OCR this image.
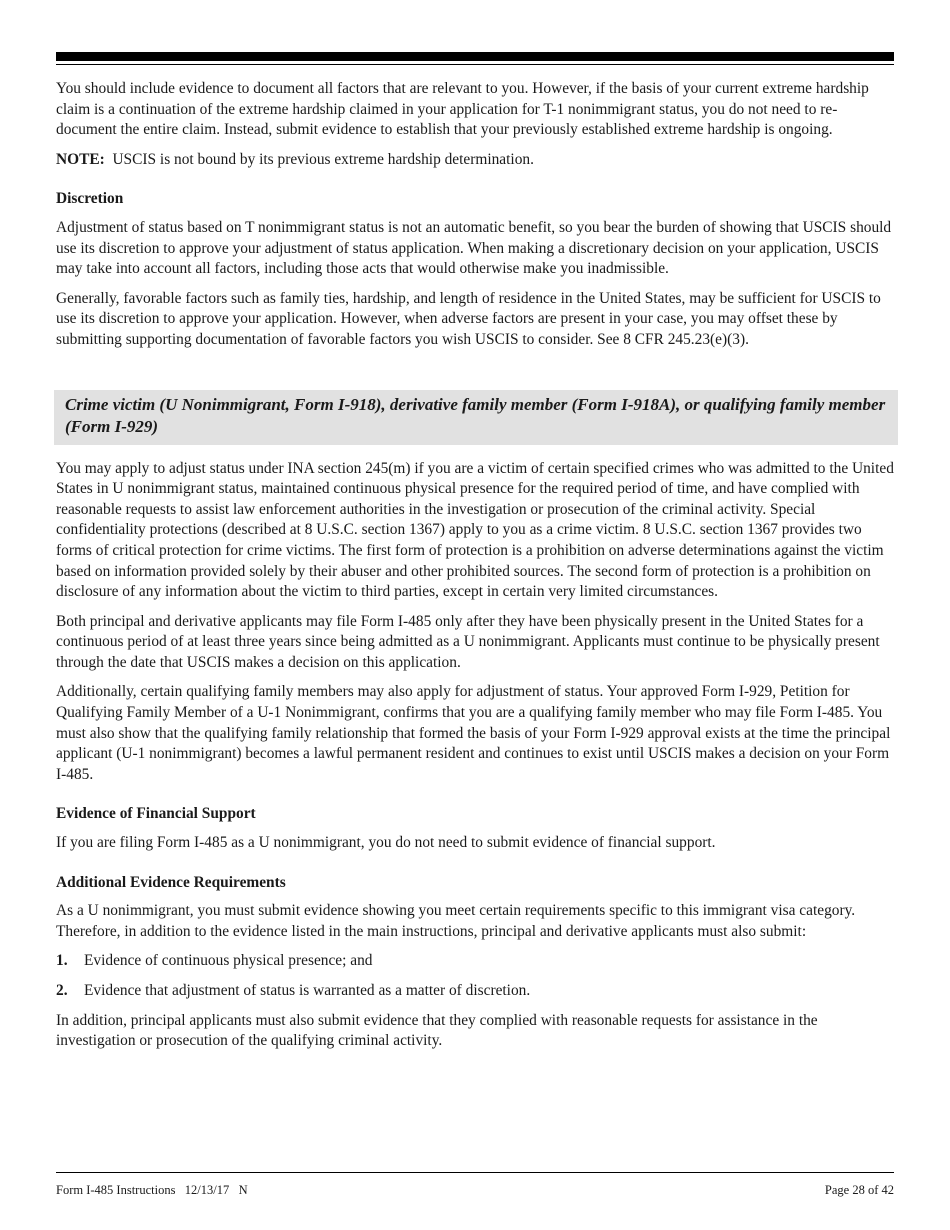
You should include evidence to document all factors that are relevant to you. However, if the basis of your current extreme hardship claim is a continuation of the extreme hardship claimed in your application for T-1 nonimmigrant status, you do not need to re-document the entire claim. Instead, submit evidence to establish that your previously established extreme hardship is ongoing.

NOTE:  USCIS is not bound by its previous extreme hardship determination.

Discretion

Adjustment of status based on T nonimmigrant status is not an automatic benefit, so you bear the burden of showing that USCIS should use its discretion to approve your adjustment of status application. When making a discretionary decision on your application, USCIS may take into account all factors, including those acts that would otherwise make you inadmissible.

Generally, favorable factors such as family ties, hardship, and length of residence in the United States, may be sufficient for USCIS to use its discretion to approve your application. However, when adverse factors are present in your case, you may offset these by submitting supporting documentation of favorable factors you wish USCIS to consider. See 8 CFR 245.23(e)(3).

Crime victim (U Nonimmigrant, Form I-918), derivative family member (Form I-918A), or qualifying family member (Form I-929)

You may apply to adjust status under INA section 245(m) if you are a victim of certain specified crimes who was admitted to the United States in U nonimmigrant status, maintained continuous physical presence for the required period of time, and have complied with reasonable requests to assist law enforcement authorities in the investigation or prosecution of the criminal activity. Special confidentiality protections (described at 8 U.S.C. section 1367) apply to you as a crime victim. 8 U.S.C. section 1367 provides two forms of critical protection for crime victims. The first form of protection is a prohibition on adverse determinations against the victim based on information provided solely by their abuser and other prohibited sources. The second form of protection is a prohibition on disclosure of any information about the victim to third parties, except in certain very limited circumstances.

Both principal and derivative applicants may file Form I-485 only after they have been physically present in the United States for a continuous period of at least three years since being admitted as a U nonimmigrant. Applicants must continue to be physically present through the date that USCIS makes a decision on this application.

Additionally, certain qualifying family members may also apply for adjustment of status. Your approved Form I-929, Petition for Qualifying Family Member of a U-1 Nonimmigrant, confirms that you are a qualifying family member who may file Form I-485. You must also show that the qualifying family relationship that formed the basis of your Form I-929 approval exists at the time the principal applicant (U-1 nonimmigrant) becomes a lawful permanent resident and continues to exist until USCIS makes a decision on your Form I-485.

Evidence of Financial Support

If you are filing Form I-485 as a U nonimmigrant, you do not need to submit evidence of financial support.

Additional Evidence Requirements

As a U nonimmigrant, you must submit evidence showing you meet certain requirements specific to this immigrant visa category. Therefore, in addition to the evidence listed in the main instructions, principal and derivative applicants must also submit:

1.	Evidence of continuous physical presence; and
2.	Evidence that adjustment of status is warranted as a matter of discretion.

In addition, principal applicants must also submit evidence that they complied with reasonable requests for assistance in the investigation or prosecution of the qualifying criminal activity.

Form I-485 Instructions   12/13/17   N	Page 28 of 42
